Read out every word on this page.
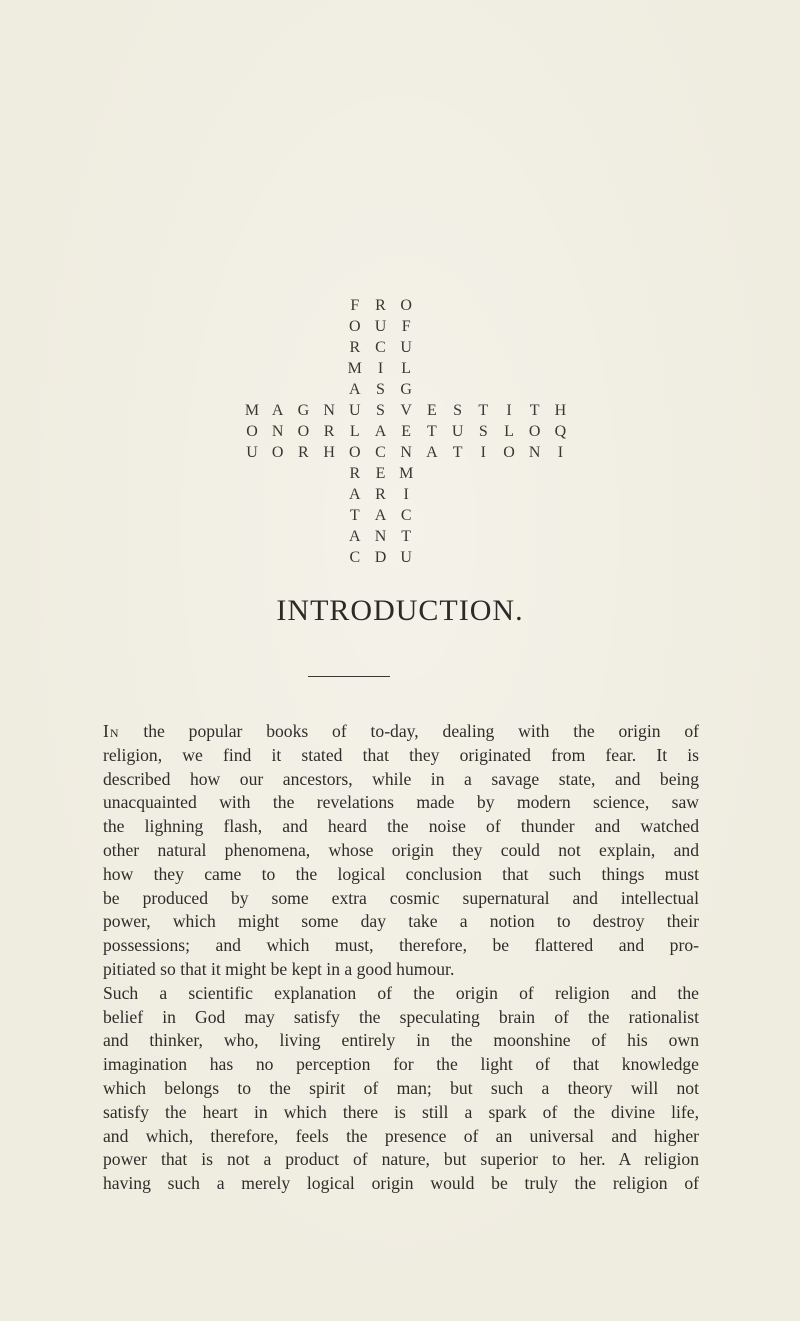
F R O
O U F
R C U
M I	L
A S G
M A G N U S V E	S	T	I	T H
O N O R L A E T U S	L O Q
U O R H O C N A T	I	O N	I
R E M
A R	I
T A C
A N T
C D U
INTRODUCTION.
In the popular books of to-day, dealing with the origin of
religion, we find it stated that they originated from fear. It is
described how our ancestors, while in a savage state, and being
unacquainted with the revelations made by modern science, saw
the lighning flash, and heard the noise of thunder and watched
other natural phenomena, whose origin they could not explain, and
how they came to the logical conclusion that such things must
be produced by some extra cosmic supernatural and intellectual
power, which might some day take a notion to destroy their
possessions; and which must, therefore, be flattered and pro-
pitiated so that it might be kept in a good humour.
Such a scientific explanation of the origin of religion and the
belief in God may satisfy the speculating brain of the rationalist
and thinker, who, living entirely in the moonshine of his own
imagination has no perception for the light of that knowledge
which belongs to the spirit of man; but such a theory will not
satisfy the heart in which there is still a spark of the divine life,
and which, therefore, feels the presence of an universal and higher
power that is not a product of nature, but superior to her. A religion
having such a merely logical origin would be truly the religion of
